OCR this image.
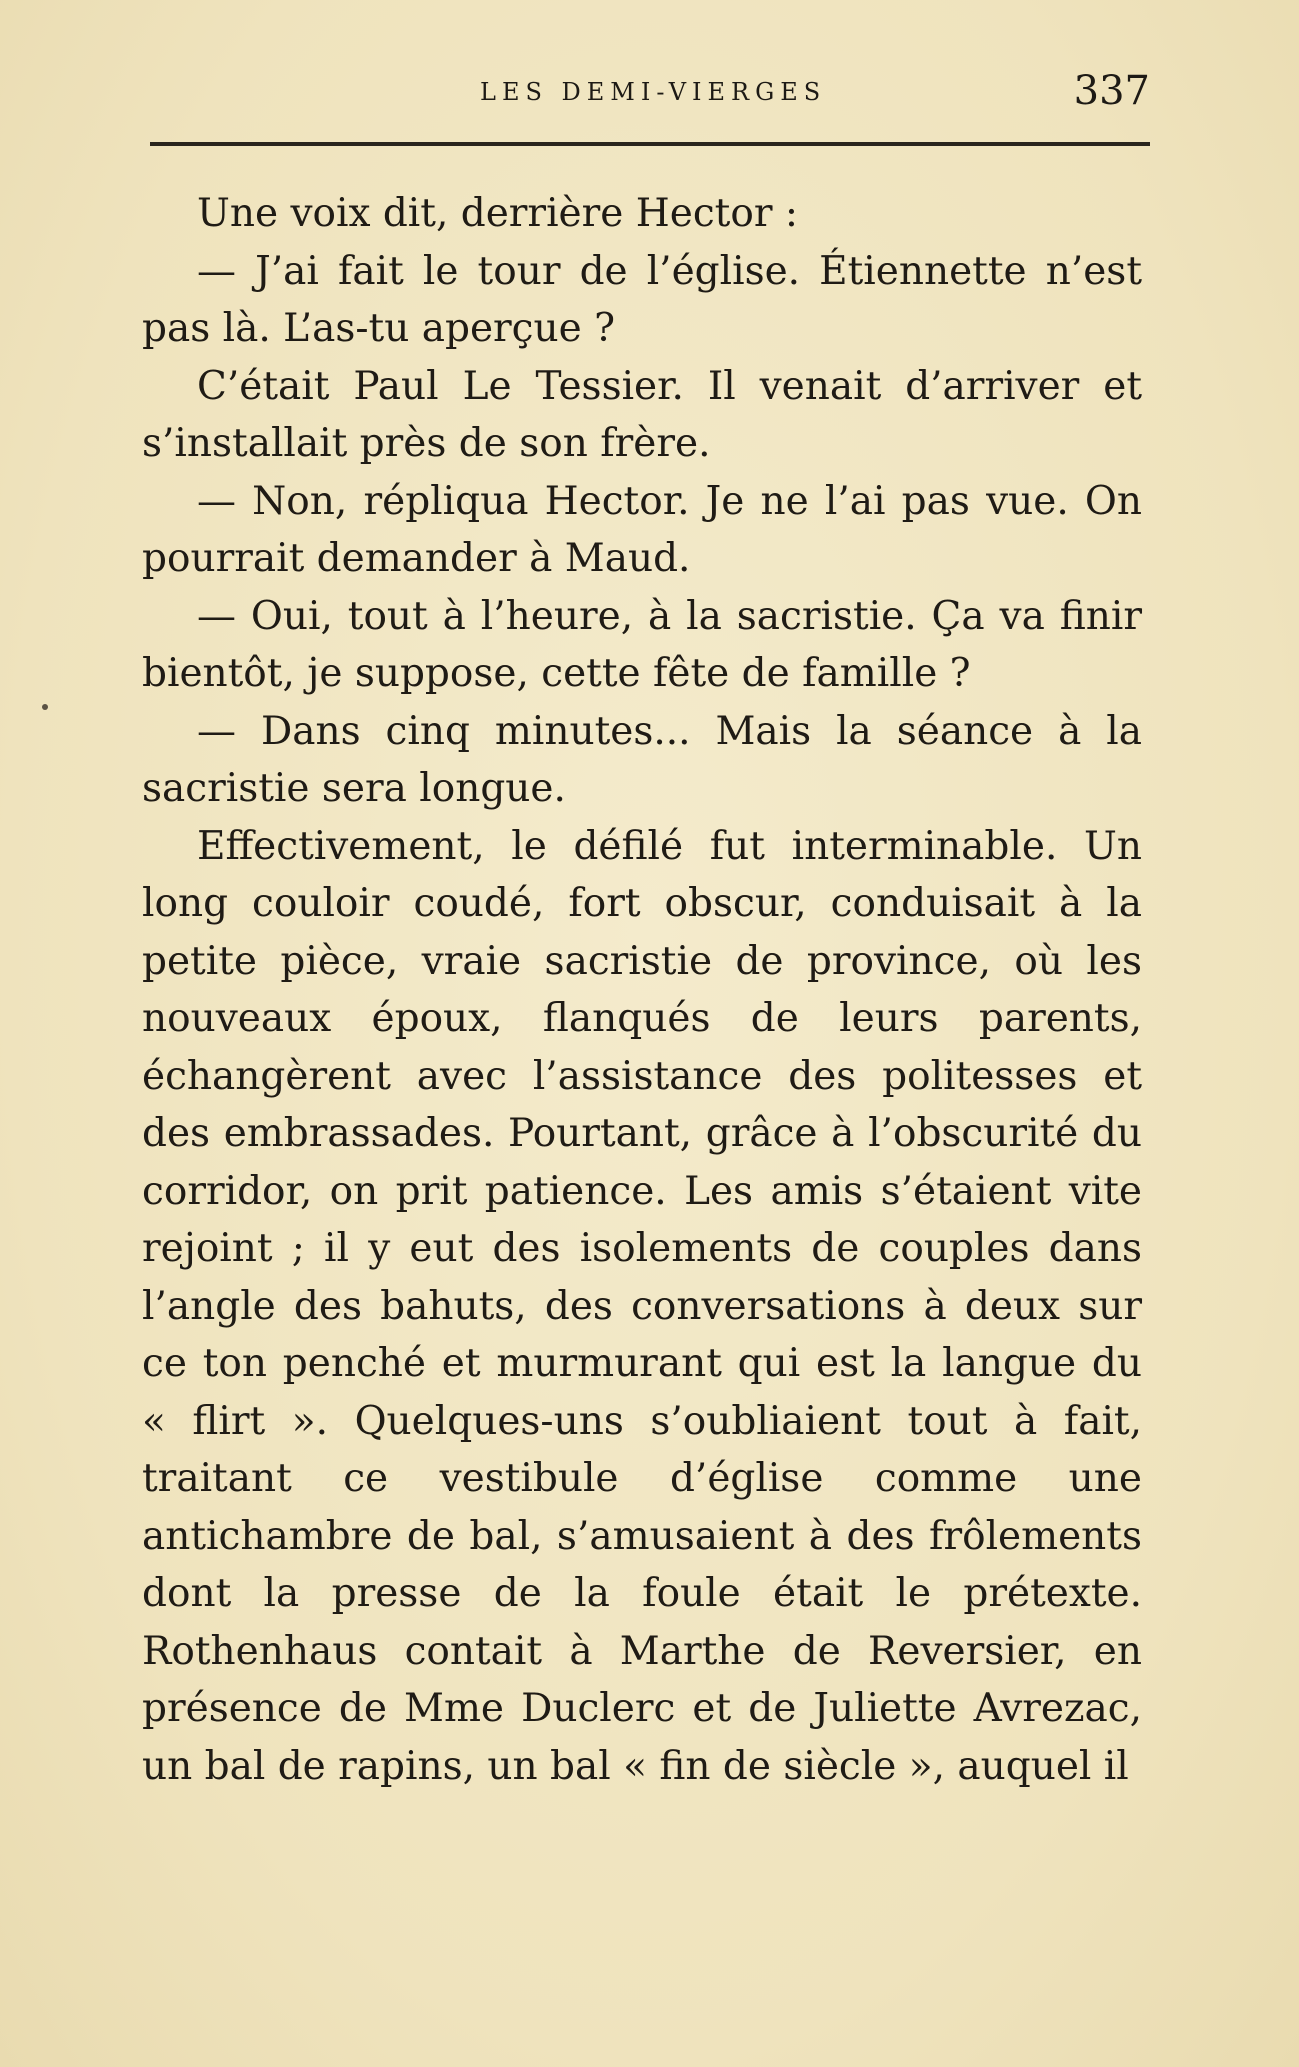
LES DEMI-VIERGES	337

Une voix dit, derrière Hector :

— J’ai fait le tour de l’église. Étiennette n’est pas là. L’as-tu aperçue ?

C’était Paul Le Tessier. Il venait d’arriver et s’installait près de son frère.

— Non, répliqua Hector. Je ne l’ai pas vue. On pourrait demander à Maud.

— Oui, tout à l’heure, à la sacristie. Ça va finir bientôt, je suppose, cette fête de famille ?

— Dans cinq minutes... Mais la séance à la sacristie sera longue.

Effectivement, le défilé fut interminable. Un long couloir coudé, fort obscur, conduisait à la petite pièce, vraie sacristie de province, où les nouveaux époux, flanqués de leurs parents, échangèrent avec l’assistance des politesses et des embrassades. Pourtant, grâce à l’obscurité du corridor, on prit patience. Les amis s’étaient vite rejoint ; il y eut des isolements de couples dans l’angle des bahuts, des conversations à deux sur ce ton penché et murmurant qui est la langue du « flirt ». Quelques-uns s’oubliaient tout à fait, traitant ce vestibule d’église comme une antichambre de bal, s’amusaient à des frôlements dont la presse de la foule était le prétexte. Rothenhaus contait à Marthe de Reversier, en présence de Mme Duclerc et de Juliette Avrezac, un bal de rapins, un bal « fin de siècle », auquel il
